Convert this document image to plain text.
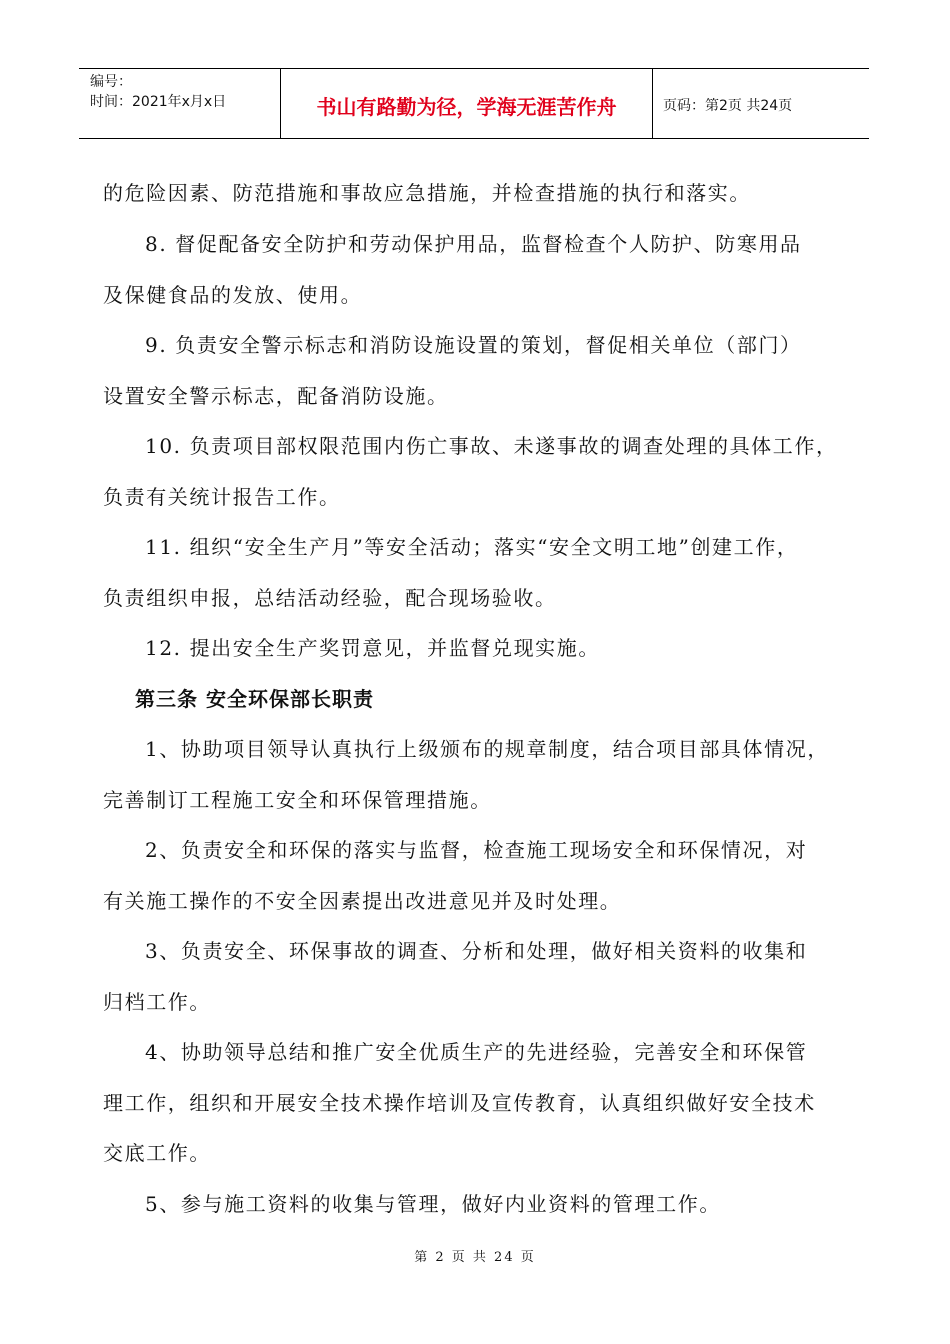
编号：
时间：2021年x月x日	书山有路勤为径，学海无涯苦作舟	页码：第2页 共24页
的危险因素、防范措施和事故应急措施，并检查措施的执行和落实。
8. 督促配备安全防护和劳动保护用品，监督检查个人防护、防寒用品
及保健食品的发放、使用。
9. 负责安全警示标志和消防设施设置的策划，督促相关单位（部门）
设置安全警示标志，配备消防设施。
10. 负责项目部权限范围内伤亡事故、未遂事故的调查处理的具体工作，
负责有关统计报告工作。
11. 组织“安全生产月”等安全活动；落实“安全文明工地”创建工作，
负责组织申报，总结活动经验，配合现场验收。
12. 提出安全生产奖罚意见，并监督兑现实施。
第三条 安全环保部长职责
1、协助项目领导认真执行上级颁布的规章制度，结合项目部具体情况，
完善制订工程施工安全和环保管理措施。
2、负责安全和环保的落实与监督，检查施工现场安全和环保情况，对
有关施工操作的不安全因素提出改进意见并及时处理。
3、负责安全、环保事故的调查、分析和处理，做好相关资料的收集和
归档工作。
4、协助领导总结和推广安全优质生产的先进经验，完善安全和环保管
理工作，组织和开展安全技术操作培训及宣传教育，认真组织做好安全技术
交底工作。
5、参与施工资料的收集与管理，做好内业资料的管理工作。
第 2 页 共 24 页
